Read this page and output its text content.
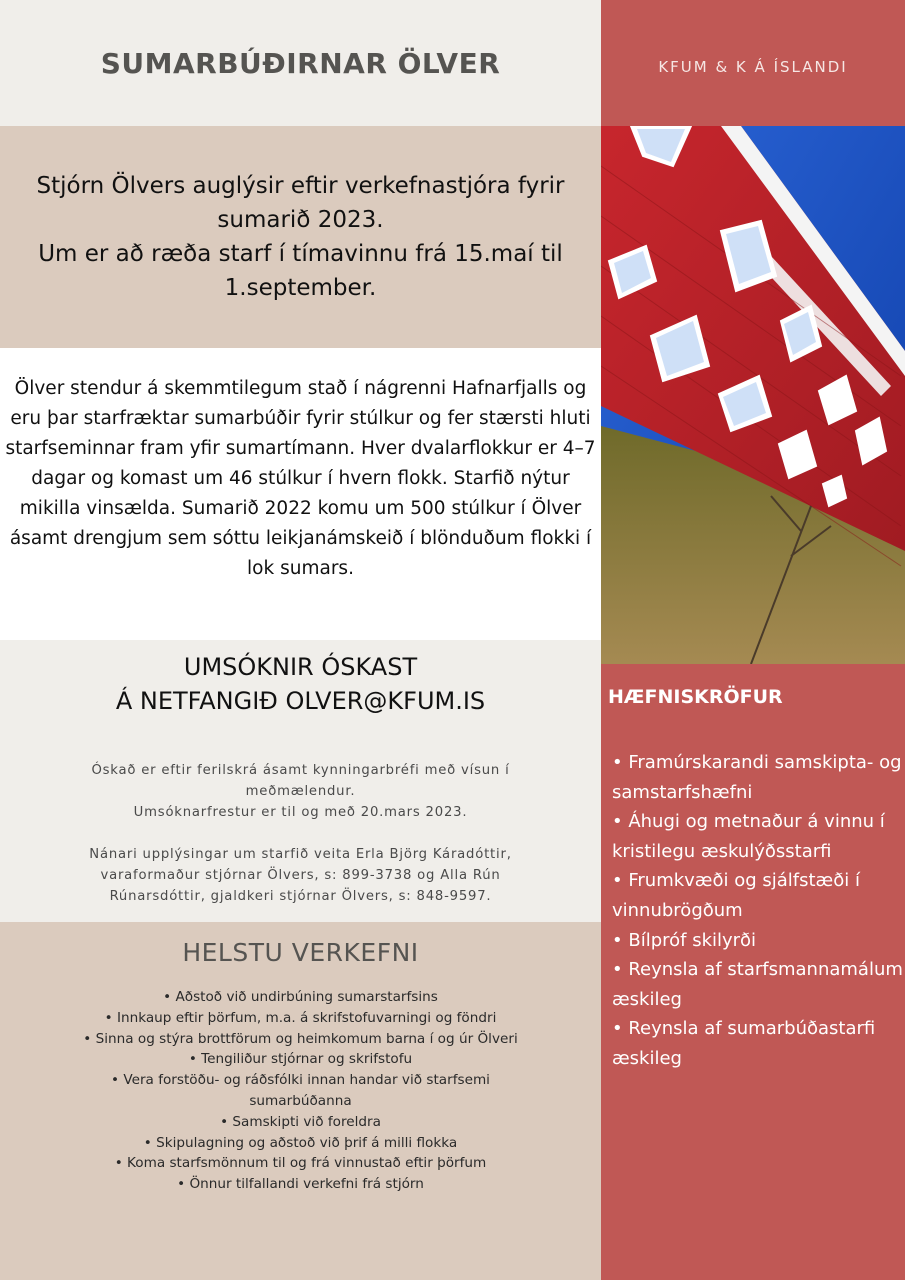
SUMARBÚÐIRNAR ÖLVER

Stjórn Ölvers auglýsir eftir verkefnastjóra fyrir sumarið 2023.

Um er að ræða starf í tímavinnu frá 15.maí til 1.september.

Ölver stendur á skemmtilegum stað í nágrenni Hafnarfjalls og eru þar starfræktar sumarbúðir fyrir stúlkur og fer stærsti hluti starfseminnar fram yfir sumartímann. Hver dvalarflokkur er 4–7 dagar og komast um 46 stúlkur í hvern flokk. Starfið nýtur mikilla vinsælda. Sumarið 2022 komu um 500 stúlkur í Ölver ásamt drengjum sem sóttu leikjanámskeið í blönduðum flokki í lok sumars.

UMSÓKNIR ÓSKAST
Á NETFANGIÐ OLVER@KFUM.IS

Óskað er eftir ferilskrá ásamt kynningarbréfi með vísun í meðmælendur.

Umsóknarfrestur er til og með 20.mars 2023.

Nánari upplýsingar um starfið veita Erla Björg Káradóttir, varaformaður stjórnar Ölvers, s: 899-3738 og Alla Rún Rúnarsdóttir, gjaldkeri stjórnar Ölvers, s: 848-9597.

HELSTU VERKEFNI
• Aðstoð við undirbúning sumarstarfsins
• Innkaup eftir þörfum, m.a. á skrifstofuvarningi og föndri
• Sinna og stýra brottförum og heimkomum barna í og úr Ölveri
• Tengiliður stjórnar og skrifstofu
• Vera forstöðu- og ráðsfólki innan handar við starfsemi sumarbúðanna
• Samskipti við foreldra
• Skipulagning og aðstoð við þrif á milli flokka
• Koma starfsmönnum til og frá vinnustað eftir þörfum
• Önnur tilfallandi verkefni frá stjórn
KFUM & K Á ÍSLANDI
HÆFNISKRÖFUR
• Framúrskarandi samskipta- og samstarfshæfni
• Áhugi og metnaður á vinnu í kristilegu æskulýðsstarfi
• Frumkvæði og sjálfstæði í vinnubrögðum
• Bílpróf skilyrði
• Reynsla af starfsmannamálum æskileg
• Reynsla af sumarbúðastarfi æskileg
